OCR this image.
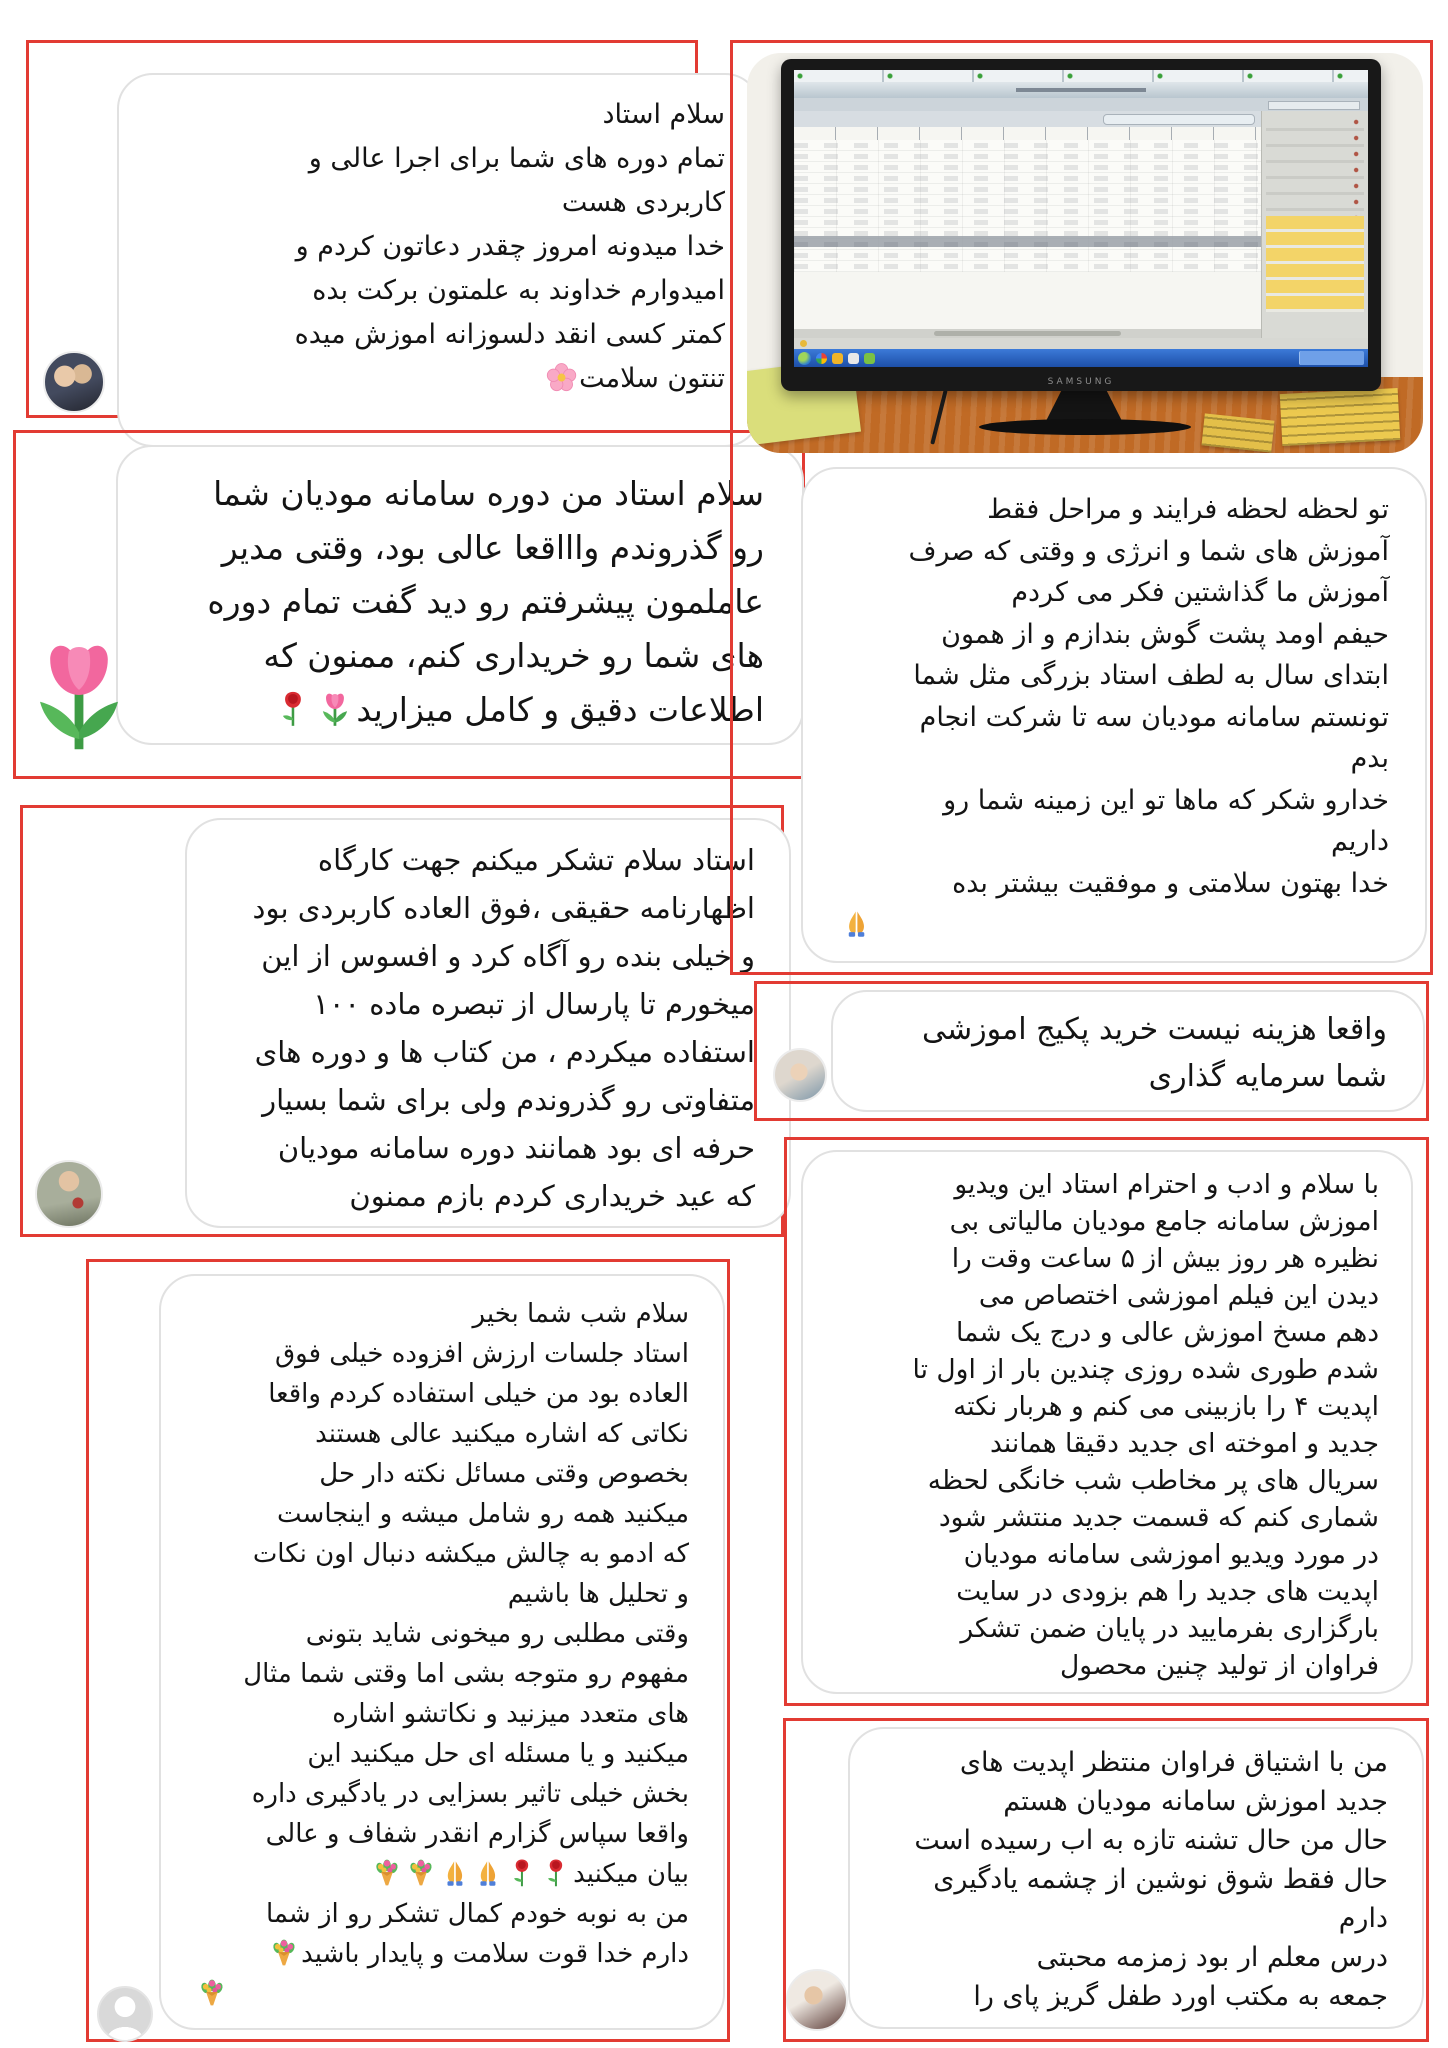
سلام استاد
تمام دوره های شما برای اجرا عالی و
کاربردی هست
خدا میدونه امروز چقدر دعاتون کردم و
امیدوارم خداوند به علمتون برکت بده
کمتر کسی انقد دلسوزانه اموزش میده
تنتون سلامت
سلام استاد من دوره سامانه مودیان شما
رو گذروندم واااقعا عالی بود، وقتی مدیر
عاملمون پیشرفتم رو دید گفت تمام دوره
های شما رو خریداری کنم، ممنون که
اطلاعات دقیق و کامل میزارید
استاد سلام تشکر میکنم جهت کارگاه
اظهارنامه حقیقی ،فوق العاده کاربردی بود
و خیلی بنده رو آگاه کرد و افسوس از این
میخورم تا پارسال از تبصره ماده ۱۰۰
استفاده میکردم ، من کتاب ها و دوره های
متفاوتی رو گذروندم ولی برای شما بسیار
حرفه ای بود همانند دوره سامانه مودیان
که عید خریداری کردم بازم ممنون
سلام شب شما بخیر
استاد جلسات ارزش افزوده خیلی فوق
العاده بود من خیلی استفاده کردم واقعا
نکاتی که اشاره میکنید عالی هستند
بخصوص وقتی مسائل نکته دار حل
میکنید همه رو شامل میشه و اینجاست
که ادمو به چالش میکشه دنبال اون نکات
و تحلیل ها باشیم
وقتی مطلبی رو میخونی شاید بتونی
مفهوم رو متوجه بشی اما وقتی شما مثال
های متعدد میزنید و نکاتشو اشاره
میکنید و یا مسئله ای حل میکنید این
بخش خیلی تاثیر بسزایی در یادگیری داره
واقعا سپاس گزارم انقدر شفاف و عالی
بیان میکنید
من به نوبه خودم کمال تشکر رو از شما
دارم خدا قوت سلامت و پایدار باشید
SAMSUNG
تو لحظه لحظه فرایند و مراحل فقط
آموزش های شما و انرژی و وقتی که صرف
آموزش ما گذاشتین فکر می کردم
حیفم اومد پشت گوش بندازم و از همون
ابتدای سال به لطف استاد بزرگی مثل شما
تونستم سامانه مودیان سه تا شرکت انجام
بدم
خدارو شکر که ماها تو این زمینه شما رو
داریم
خدا بهتون سلامتی و موفقیت بیشتر بده
واقعا هزینه نیست خرید پکیج اموزشی
شما سرمایه گذاری
با سلام و ادب و احترام استاد این ویدیو
اموزش سامانه جامع مودیان مالیاتی بی
نظیره هر روز بیش از ۵ ساعت وقت را
دیدن این فیلم اموزشی اختصاص می
دهم مسخ اموزش عالی و درج یک شما
شدم طوری شده روزی چندین بار از اول تا
اپدیت ۴ را بازبینی می کنم و هربار نکته
جدید و اموخته ای جدید دقیقا همانند
سریال های پر مخاطب شب خانگی لحظه
شماری کنم که قسمت جدید منتشر شود
در مورد ویدیو اموزشی سامانه مودیان
اپدیت های جدید را هم بزودی در سایت
بارگزاری بفرمایید در پایان ضمن تشکر
فراوان از تولید چنین محصول
من با اشتیاق فراوان منتظر اپدیت های
جدید اموزش سامانه مودیان هستم
حال من حال تشنه تازه به اب رسیده است
حال فقط شوق نوشین از چشمه یادگیری
دارم
درس معلم ار بود زمزمه محبتی
جمعه به مکتب اورد طفل گریز پای را
